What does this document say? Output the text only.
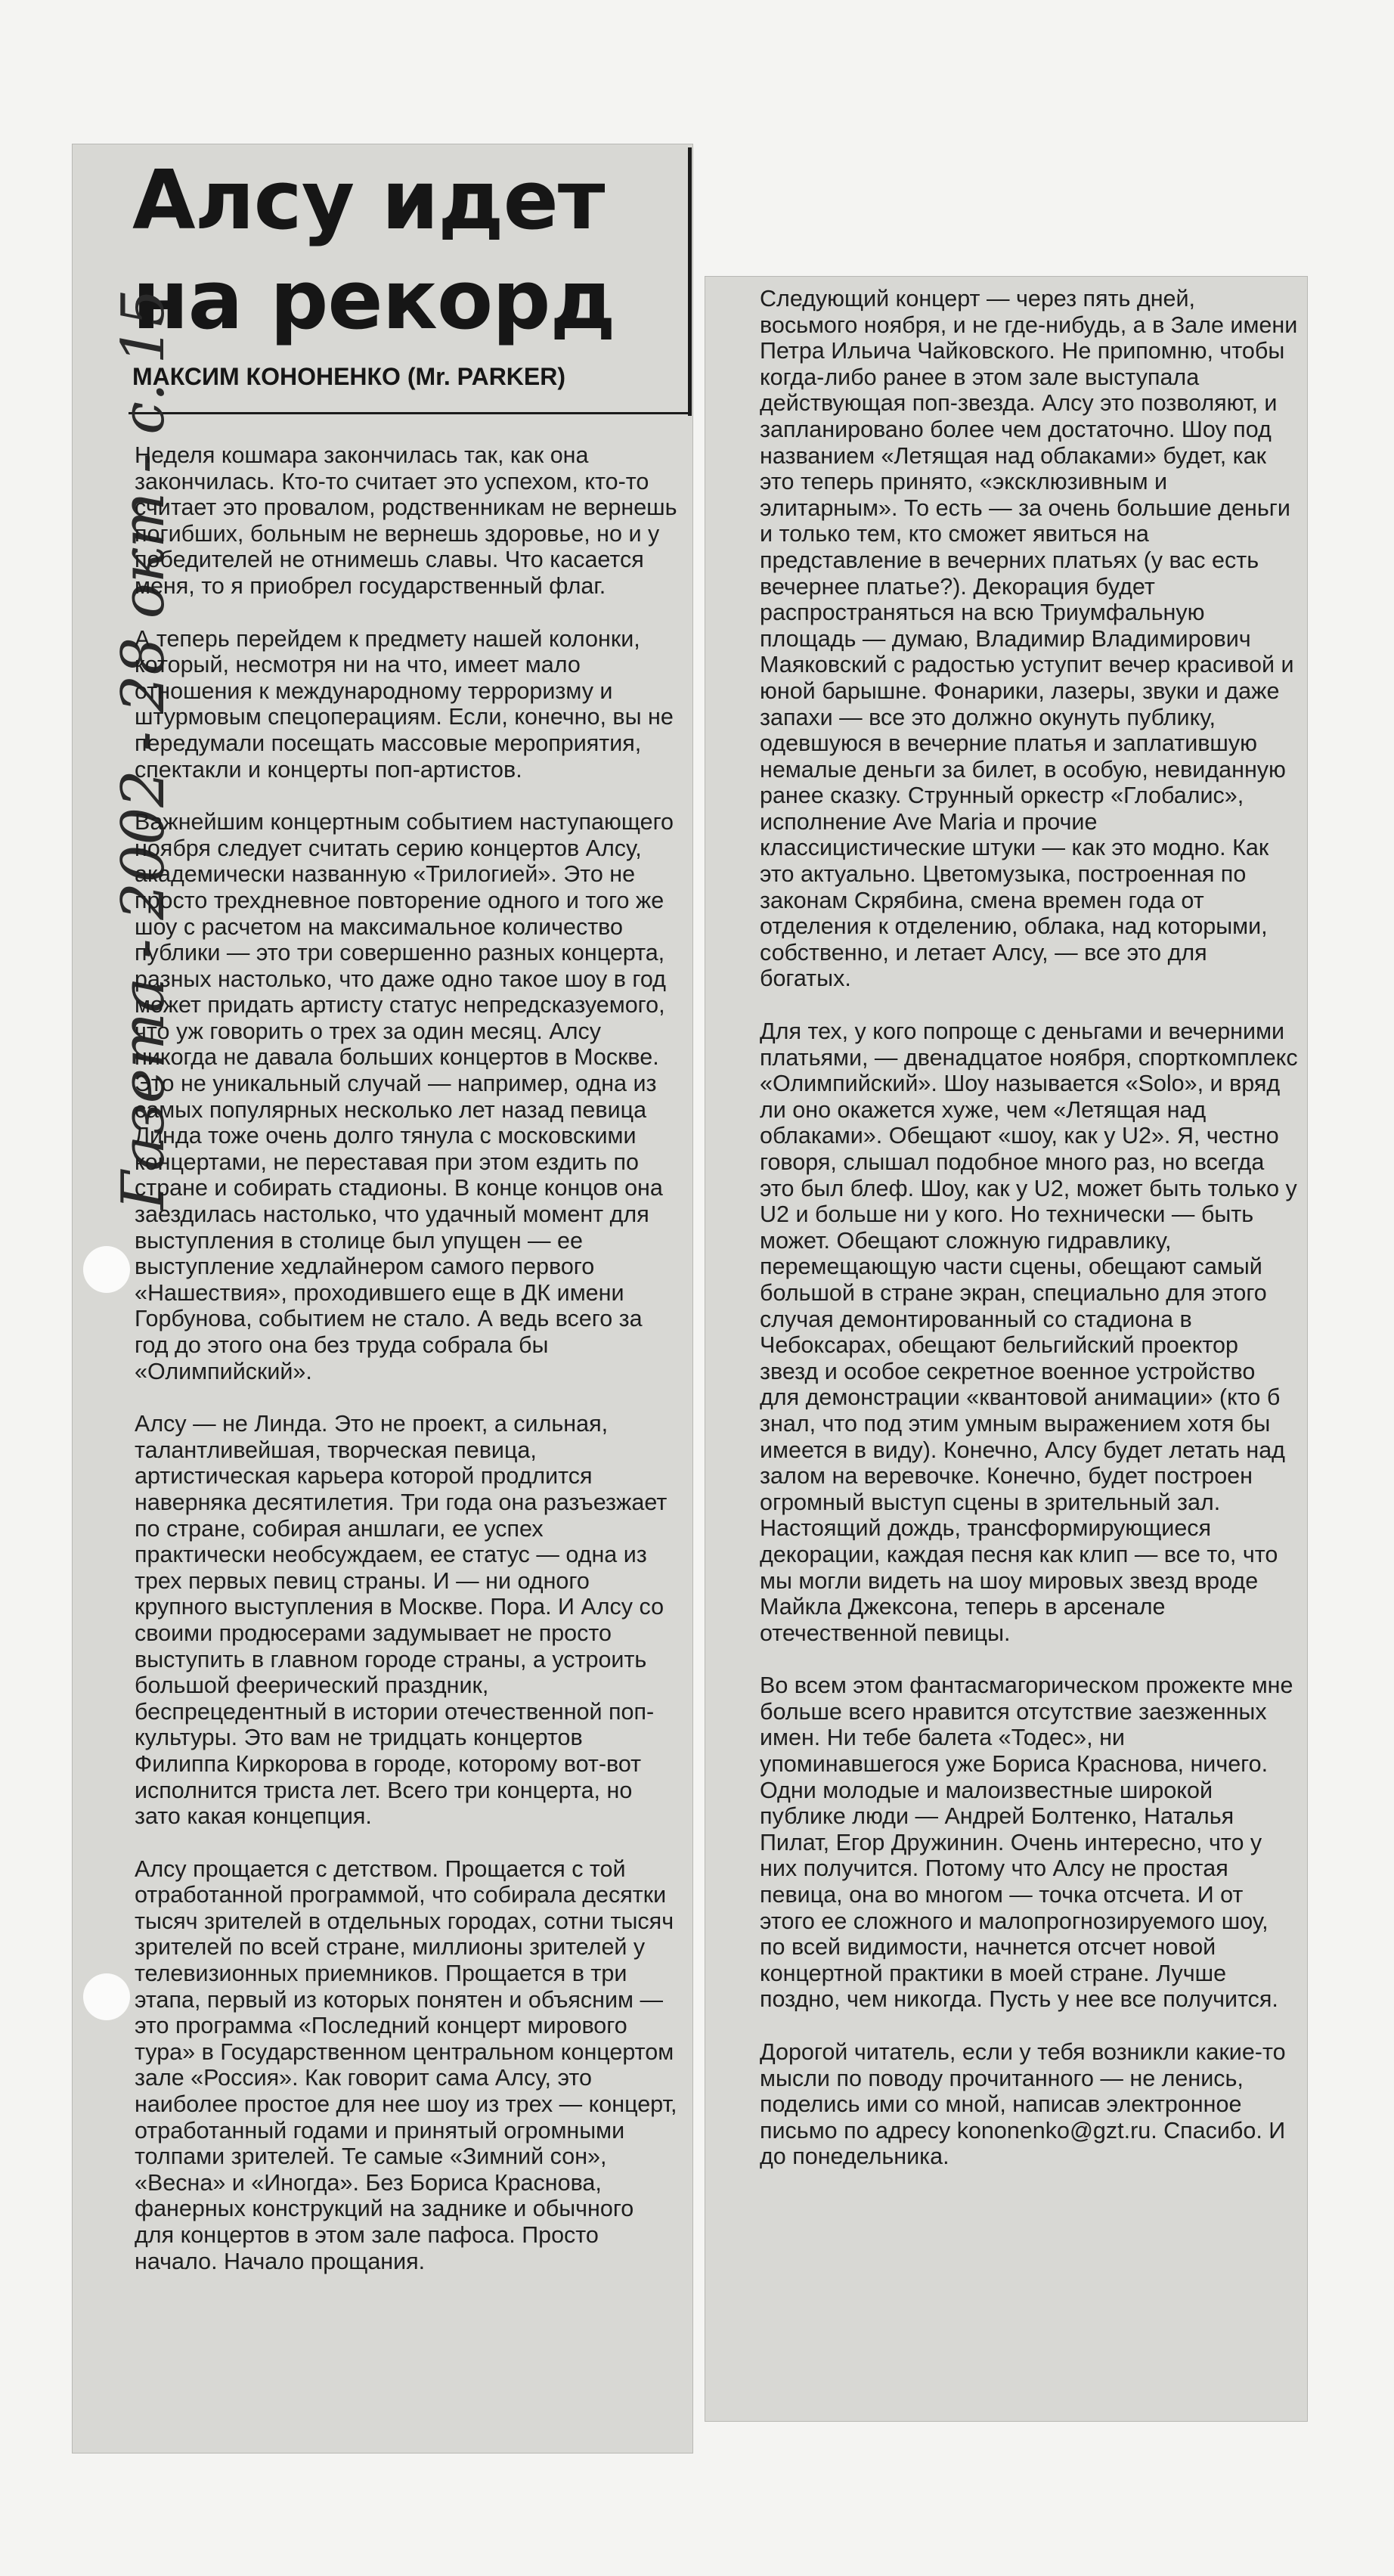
Алсу идет на рекорд
МАКСИМ КОНОНЕНКО (Mr. PARKER)

Неделя кошмара закончилась так, как она закончилась. Кто-то считает это успехом, кто-то считает это провалом, родственникам не вернешь погибших, больным не вернешь здоровье, но и у победителей не отнимешь славы. Что касается меня, то я приобрел государственный флаг.

А теперь перейдем к предмету нашей колонки, который, несмотря ни на что, имеет мало отношения к международному терроризму и штурмовым спецоперациям. Если, конечно, вы не передумали посещать массовые мероприятия, спектакли и концерты поп-артистов.

Важнейшим концертным событием наступающего ноября следует считать серию концертов Алсу, академически названную «Трилогией». Это не просто трехдневное повторение одного и того же шоу с расчетом на максимальное количество публики — это три совершенно разных концерта, разных настолько, что даже одно такое шоу в год может придать артисту статус непредсказуемого, что уж говорить о трех за один месяц. Алсу никогда не давала больших концертов в Москве. Это не уникальный случай — например, одна из самых популярных несколько лет назад певица Линда тоже очень долго тянула с московскими концертами, не переставая при этом ездить по стране и собирать стадионы. В конце концов она заездилась настолько, что удачный момент для выступления в столице был упущен — ее выступление хедлайнером самого первого «Нашествия», проходившего еще в ДК имени Горбунова, событием не стало. А ведь всего за год до этого она без труда собрала бы «Олимпийский».

Алсу — не Линда. Это не проект, а сильная, талантливейшая, творческая певица, артистическая карьера которой продлится наверняка десятилетия. Три года она разъезжает по стране, собирая аншлаги, ее успех практически необсуждаем, ее статус — одна из трех первых певиц страны. И — ни одного крупного выступления в Москве. Пора. И Алсу со своими продюсерами задумывает не просто выступить в главном городе страны, а устроить большой феерический праздник, беспрецедентный в истории отечественной поп-культуры. Это вам не тридцать концертов Филиппа Киркорова в городе, которому вот-вот исполнится триста лет. Всего три концерта, но зато какая концепция.

Алсу прощается с детством. Прощается с той отработанной программой, что собирала десятки тысяч зрителей в отдельных городах, сотни тысяч зрителей по всей стране, миллионы зрителей у телевизионных приемников. Прощается в три этапа, первый из которых понятен и объясним — это программа «Последний концерт мирового тура» в Государственном центральном концертом зале «Россия». Как говорит сама Алсу, это наиболее простое для нее шоу из трех — концерт, отработанный годами и принятый огромными толпами зрителей. Те самые «Зимний сон», «Весна» и «Иногда». Без Бориса Краснова, фанерных конструкций на заднике и обычного для концертов в этом зале пафоса. Просто начало. Начало прощания.

Следующий концерт — через пять дней, восьмого ноября, и не где-нибудь, а в Зале имени Петра Ильича Чайковского. Не припомню, чтобы когда-либо ранее в этом зале выступала действующая поп-звезда. Алсу это позволяют, и запланировано более чем достаточно. Шоу под названием «Летящая над облаками» будет, как это теперь принято, «эксклюзивным и элитарным». То есть — за очень большие деньги и только тем, кто сможет явиться на представление в вечерних платьях (у вас есть вечернее платье?). Декорация будет распространяться на всю Триумфальную площадь — думаю, Владимир Владимирович Маяковский с радостью уступит вечер красивой и юной барышне. Фонарики, лазеры, звуки и даже запахи — все это должно окунуть публику, одевшуюся в вечерние платья и заплатившую немалые деньги за билет, в особую, невиданную ранее сказку. Струнный оркестр «Глобалис», исполнение Ave Maria и прочие классицистические штуки — как это модно. Как это актуально. Цветомузыка, построенная по законам Скрябина, смена времен года от отделения к отделению, облака, над которыми, собственно, и летает Алсу, — все это для богатых.

Для тех, у кого попроще с деньгами и вечерними платьями, — двенадцатое ноября, спорткомплекс «Олимпийский». Шоу называется «Solo», и вряд ли оно окажется хуже, чем «Летящая над облаками». Обещают «шоу, как у U2». Я, честно говоря, слышал подобное много раз, но всегда это был блеф. Шоу, как у U2, может быть только у U2 и больше ни у кого. Но технически — быть может. Обещают сложную гидравлику, перемещающую части сцены, обещают самый большой в стране экран, специально для этого случая демонтированный со стадиона в Чебоксарах, обещают бельгийский проектор звезд и особое секретное военное устройство для демонстрации «квантовой анимации» (кто б знал, что под этим умным выражением хотя бы имеется в виду). Конечно, Алсу будет летать над залом на веревочке. Конечно, будет построен огромный выступ сцены в зрительный зал. Настоящий дождь, трансформирующиеся декорации, каждая песня как клип — все то, что мы могли видеть на шоу мировых звезд вроде Майкла Джексона, теперь в арсенале отечественной певицы.

Во всем этом фантасмагорическом прожекте мне больше всего нравится отсутствие заезженных имен. Ни тебе балета «Тодес», ни упоминавшегося уже Бориса Краснова, ничего. Одни молодые и малоизвестные широкой публике люди — Андрей Болтенко, Наталья Пилат, Егор Дружинин. Очень интересно, что у них получится. Потому что Алсу не простая певица, она во многом — точка отсчета. И от этого ее сложного и малопрогнозируемого шоу, по всей видимости, начнется отсчет новой концертной практики в моей стране. Лучше поздно, чем никогда. Пусть у нее все получится.

Дорогой читатель, если у тебя возникли какие-то мысли по поводу прочитанного — не ленись, поделись ими со мной, написав электронное письмо по адресу kononenko@gzt.ru. Спасибо. И до понедельника.
